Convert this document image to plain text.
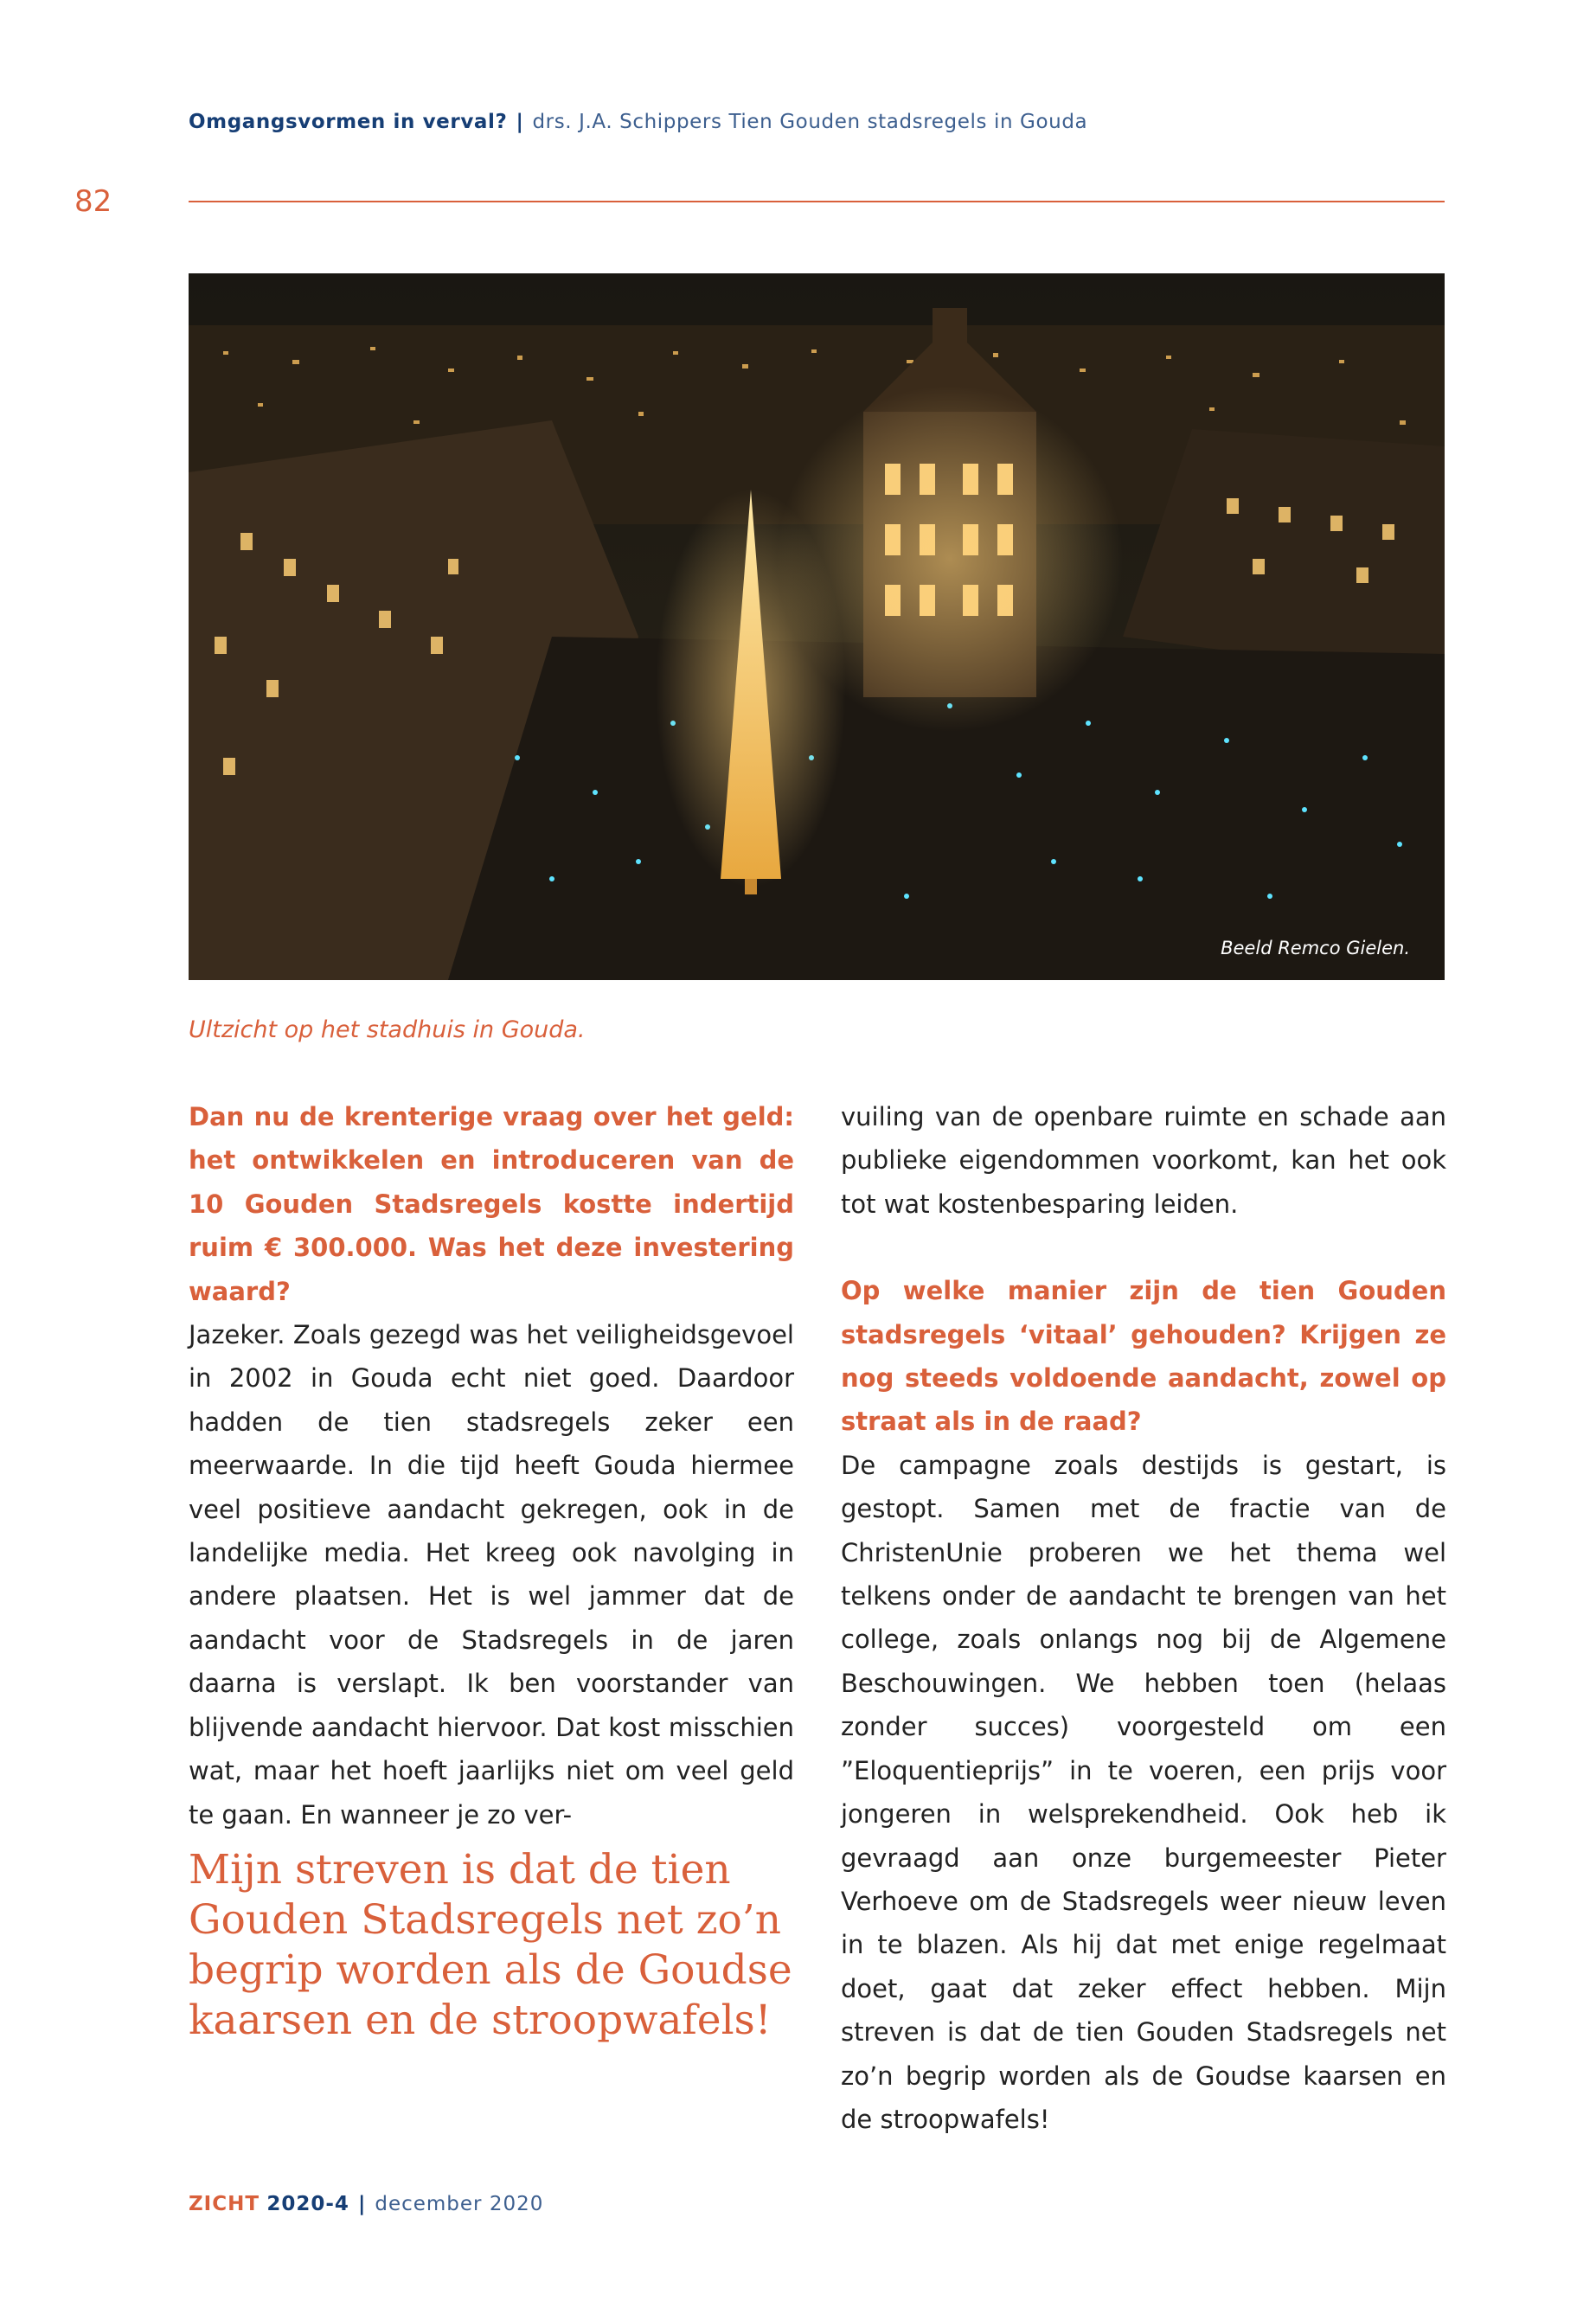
Omgangsvormen in verval? | drs. J.A. Schippers Tien Gouden stadsregels in Gouda
82
Beeld Remco Gielen.
Ultzicht op het stadhuis in Gouda.

Dan nu de krenterige vraag over het geld: het ontwikkelen en introduceren van de 10 Gouden Stadsregels kostte indertijd ruim € 300.000. Was het deze investering waard?

Jazeker. Zoals gezegd was het veiligheidsgevoel in 2002 in Gouda echt niet goed. Daardoor hadden de tien stadsregels zeker een meerwaarde. In die tijd heeft Gouda hiermee veel positieve aandacht gekregen, ook in de landelijke media. Het kreeg ook navolging in andere plaatsen. Het is wel jammer dat de aandacht voor de Stadsregels in de jaren daarna is verslapt. Ik ben voorstander van blijvende aandacht hiervoor. Dat kost misschien wat, maar het hoeft jaarlijks niet om veel geld te gaan. En wanneer je zo ver-

Mijn streven is dat de tien Gouden Stadsregels net zo’n begrip worden als de Goudse kaarsen en de stroopwafels!

vuiling van de openbare ruimte en schade aan publieke eigendommen voorkomt, kan het ook tot wat kostenbesparing leiden.

Op welke manier zijn de tien Gouden stadsregels ‘vitaal’ gehouden? Krijgen ze nog steeds voldoende aandacht, zowel op straat als in de raad?

De campagne zoals destijds is gestart, is gestopt. Samen met de fractie van de ChristenUnie proberen we het thema wel telkens onder de aandacht te brengen van het college, zoals onlangs nog bij de Algemene Beschouwingen. We hebben toen (helaas zonder succes) voorgesteld om een ”Eloquentieprijs” in te voeren, een prijs voor jongeren in welsprekendheid. Ook heb ik gevraagd aan onze burgemeester Pieter Verhoeve om de Stadsregels weer nieuw leven in te blazen. Als hij dat met enige regelmaat doet, gaat dat zeker effect hebben. Mijn streven is dat de tien Gouden Stadsregels net zo’n begrip worden als de Goudse kaarsen en de stroopwafels!

ZICHT 2020-4 | december 2020
